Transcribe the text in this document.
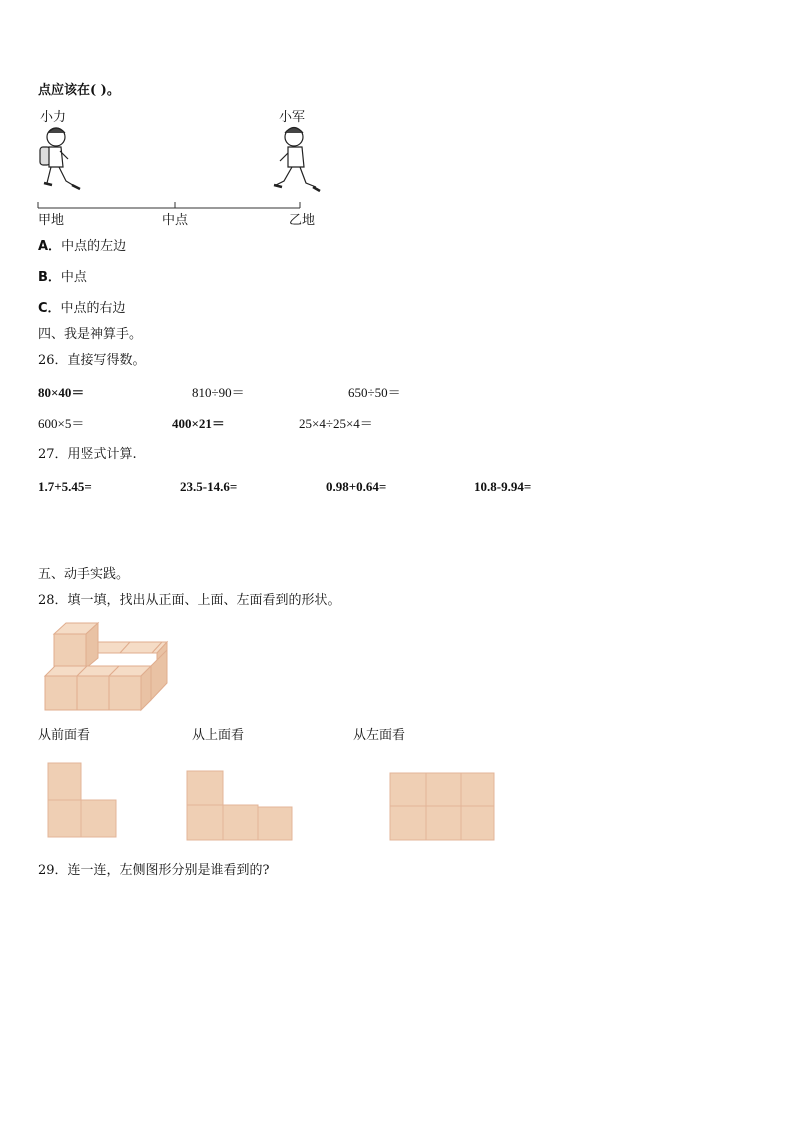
点应该在( )。
小力	小军
甲地	中点	乙地
A．中点的左边
B．中点
C．中点的右边
四、我是神算手。
26．直接写得数。
80×40＝	810÷90＝	650÷50＝
600×5＝	400×21＝	25×4÷25×4＝
27．用竖式计算.
1.7+5.45=	23.5-14.6=	0.98+0.64=	10.8-9.94=
五、动手实践。
28．填一填，找出从正面、上面、左面看到的形状。
从前面看	从上面看	从左面看
29．连一连，左侧图形分别是谁看到的?
